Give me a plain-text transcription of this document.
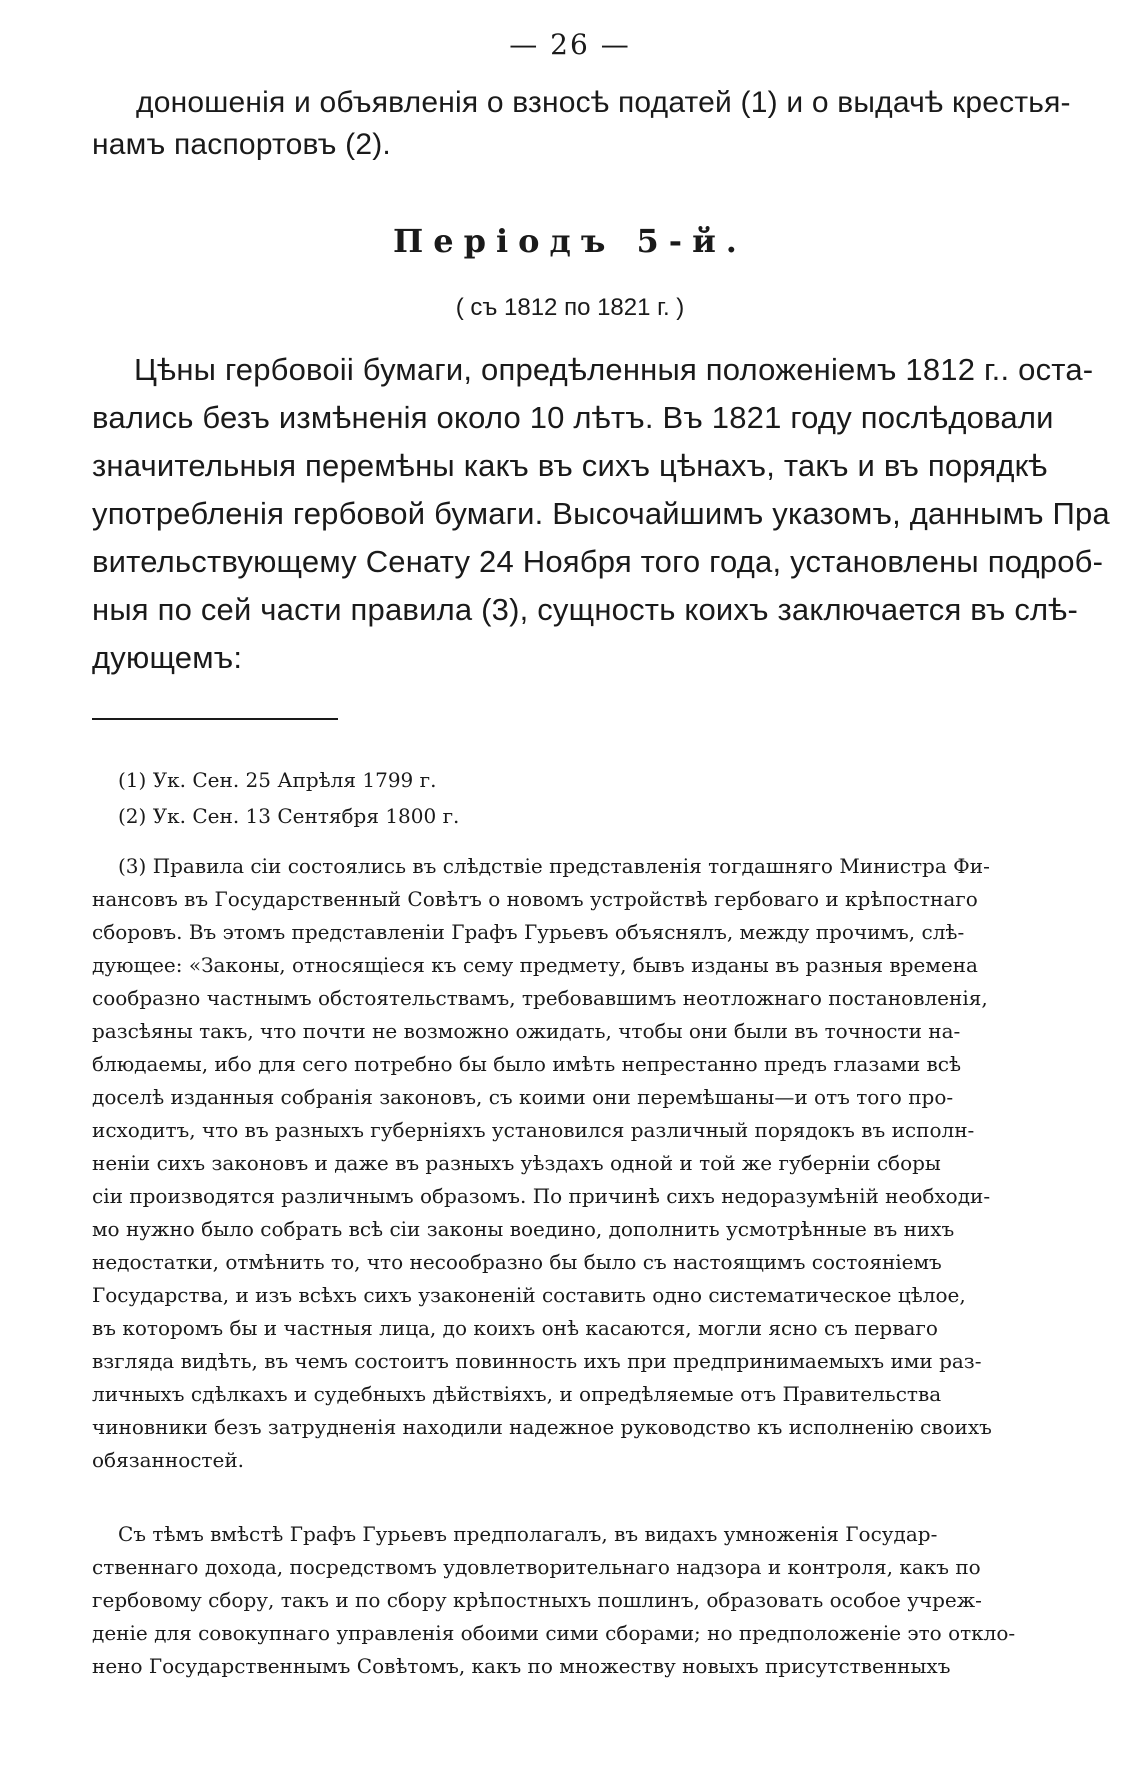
— 26 —
доношенія и объявленія о взносѣ податей (1) и о выдачѣ крестья-
намъ паспортовъ (2).
Періодъ 5-й.
( съ 1812 по 1821 г. )
Цѣны гербовоіі бумаги, опредѣленныя положеніемъ 1812 г.. оста-
вались безъ измѣненія около 10 лѣтъ. Въ 1821 году послѣдовали
значительныя перемѣны какъ въ сихъ цѣнахъ, такъ и въ порядкѣ
употребленія гербовой бумаги. Высочайшимъ указомъ, даннымъ Пра
вительствующему Сенату 24 Ноября того года, установлены подроб-
ныя по сей части правила (3), сущность коихъ заключается въ слѣ-
дующемъ:
(1) Ук. Сен. 25 Апрѣля 1799 г.
(2) Ук. Сен. 13 Сентября 1800 г.
(3) Правила сіи состоялись въ слѣдствіе представленія тогдашняго Министра Фи-
нансовъ въ Государственный Совѣтъ о новомъ устройствѣ гербоваго и крѣпостнаго
сборовъ. Въ этомъ представленіи Графъ Гурьевъ объяснялъ, между прочимъ, слѣ-
дующее: «Законы, относящіеся къ сему предмету, бывъ изданы въ разныя времена
сообразно частнымъ обстоятельствамъ, требовавшимъ неотложнаго постановленія,
разсѣяны такъ, что почти не возможно ожидать, чтобы они были въ точности на-
блюдаемы, ибо для сего потребно бы было имѣть непрестанно предъ глазами всѣ
доселѣ изданныя собранія законовъ, съ коими они перемѣшаны—и отъ того про-
исходитъ, что въ разныхъ губерніяхъ установился различный порядокъ въ исполн-
неніи сихъ законовъ и даже въ разныхъ уѣздахъ одной и той же губерніи сборы
сіи производятся различнымъ образомъ. По причинѣ сихъ недоразумѣній необходи-
мо нужно было собрать всѣ сіи законы воедино, дополнить усмотрѣнные въ нихъ
недостатки, отмѣнить то, что несообразно бы было съ настоящимъ состояніемъ
Государства, и изъ всѣхъ сихъ узаконеній составить одно систематическое цѣлое,
въ которомъ бы и частныя лица, до коихъ онѣ касаются, могли ясно съ перваго
взгляда видѣть, въ чемъ состоитъ повинность ихъ при предпринимаемыхъ ими раз-
личныхъ сдѣлкахъ и судебныхъ дѣйствіяхъ, и опредѣляемые отъ Правительства
чиновники безъ затрудненія находили надежное руководство къ исполненію своихъ
обязанностей.
Съ тѣмъ вмѣстѣ Графъ Гурьевъ предполагалъ, въ видахъ умноженія Государ-
ственнаго дохода, посредствомъ удовлетворительнаго надзора и контроля, какъ по
гербовому сбору, такъ и по сбору крѣпостныхъ пошлинъ, образовать особое учреж-
деніе для совокупнаго управленія обоими сими сборами; но предположеніе это откло-
нено Государственнымъ Совѣтомъ, какъ по множеству новыхъ присутственныхъ
